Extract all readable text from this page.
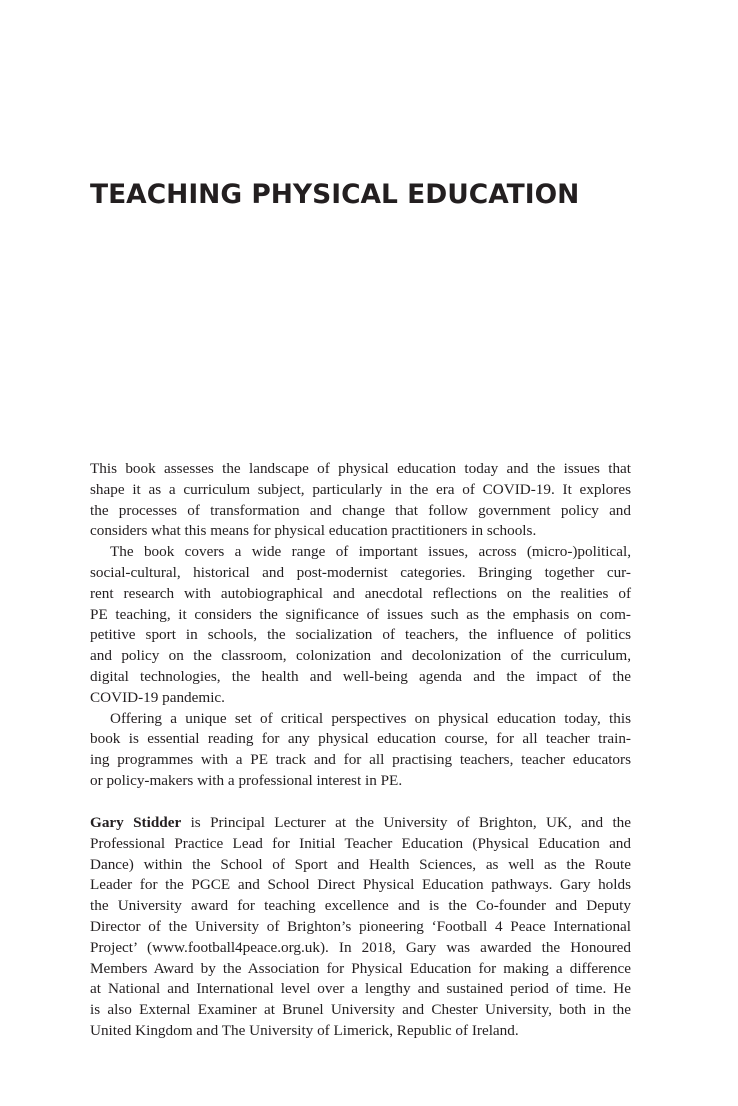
TEACHING PHYSICAL EDUCATION

This book assesses the landscape of physical education today and the issues that
shape it as a curriculum subject, particularly in the era of COVID-19. It explores
the processes of transformation and change that follow government policy and
considers what this means for physical education practitioners in schools.

The book covers a wide range of important issues, across (micro-)political,
social-cultural, historical and post-modernist categories. Bringing together cur-
rent research with autobiographical and anecdotal reflections on the realities of
PE teaching, it considers the significance of issues such as the emphasis on com-
petitive sport in schools, the socialization of teachers, the influence of politics
and policy on the classroom, colonization and decolonization of the curriculum,
digital technologies, the health and well-being agenda and the impact of the
COVID-19 pandemic.

Offering a unique set of critical perspectives on physical education today, this
book is essential reading for any physical education course, for all teacher train-
ing programmes with a PE track and for all practising teachers, teacher educators
or policy-makers with a professional interest in PE.

Gary Stidder is Principal Lecturer at the University of Brighton, UK, and the
Professional Practice Lead for Initial Teacher Education (Physical Education and
Dance) within the School of Sport and Health Sciences, as well as the Route
Leader for the PGCE and School Direct Physical Education pathways. Gary holds
the University award for teaching excellence and is the Co-founder and Deputy
Director of the University of Brighton’s pioneering ‘Football 4 Peace International
Project’ (www.football4peace.org.uk). In 2018, Gary was awarded the Honoured
Members Award by the Association for Physical Education for making a difference
at National and International level over a lengthy and sustained period of time. He
is also External Examiner at Brunel University and Chester University, both in the
United Kingdom and The University of Limerick, Republic of Ireland.
